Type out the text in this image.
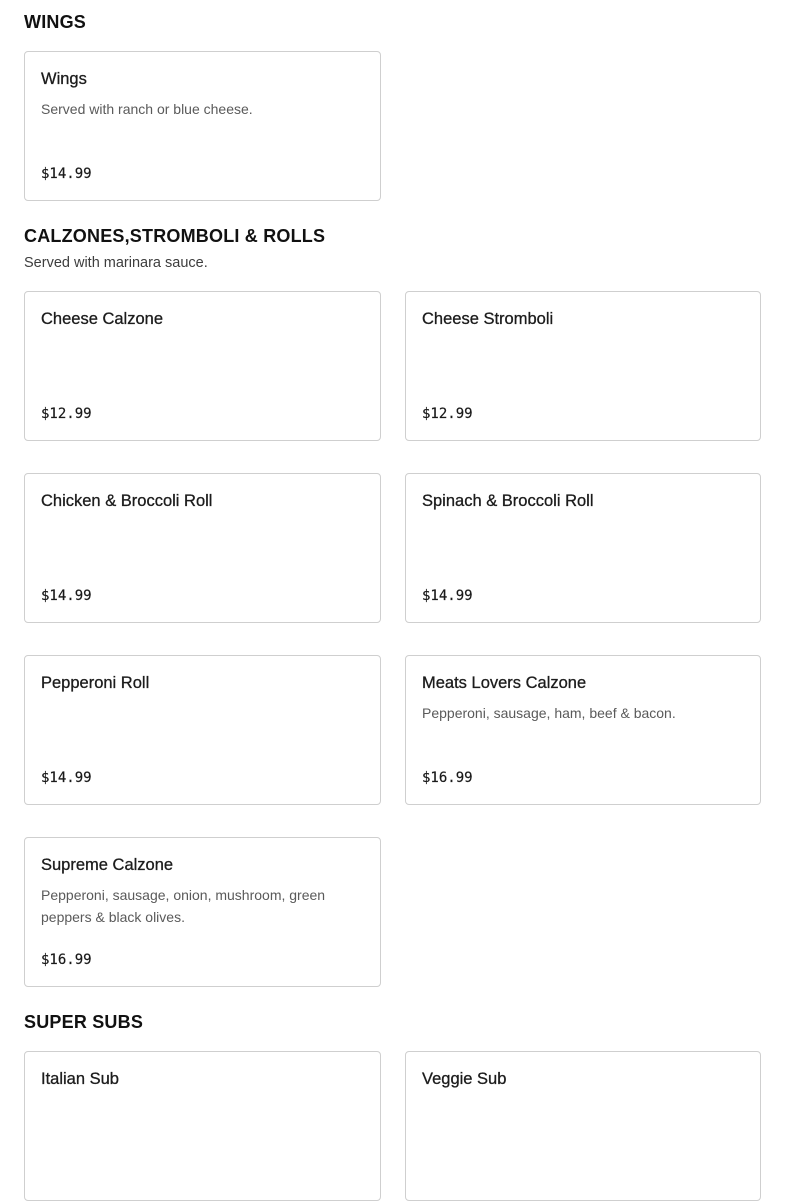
WINGS
Wings
Served with ranch or blue cheese.
$14.99
CALZONES,STROMBOLI & ROLLS

Served with marinara sauce.

Cheese Calzone
$12.99
Cheese Stromboli
$12.99
Chicken & Broccoli Roll
$14.99
Spinach & Broccoli Roll
$14.99
Pepperoni Roll
$14.99
Meats Lovers Calzone
Pepperoni, sausage, ham, beef & bacon.
$16.99
Supreme Calzone
Pepperoni, sausage, onion, mushroom, green peppers & black olives.
$16.99
SUPER SUBS
Italian Sub	Veggie Sub
